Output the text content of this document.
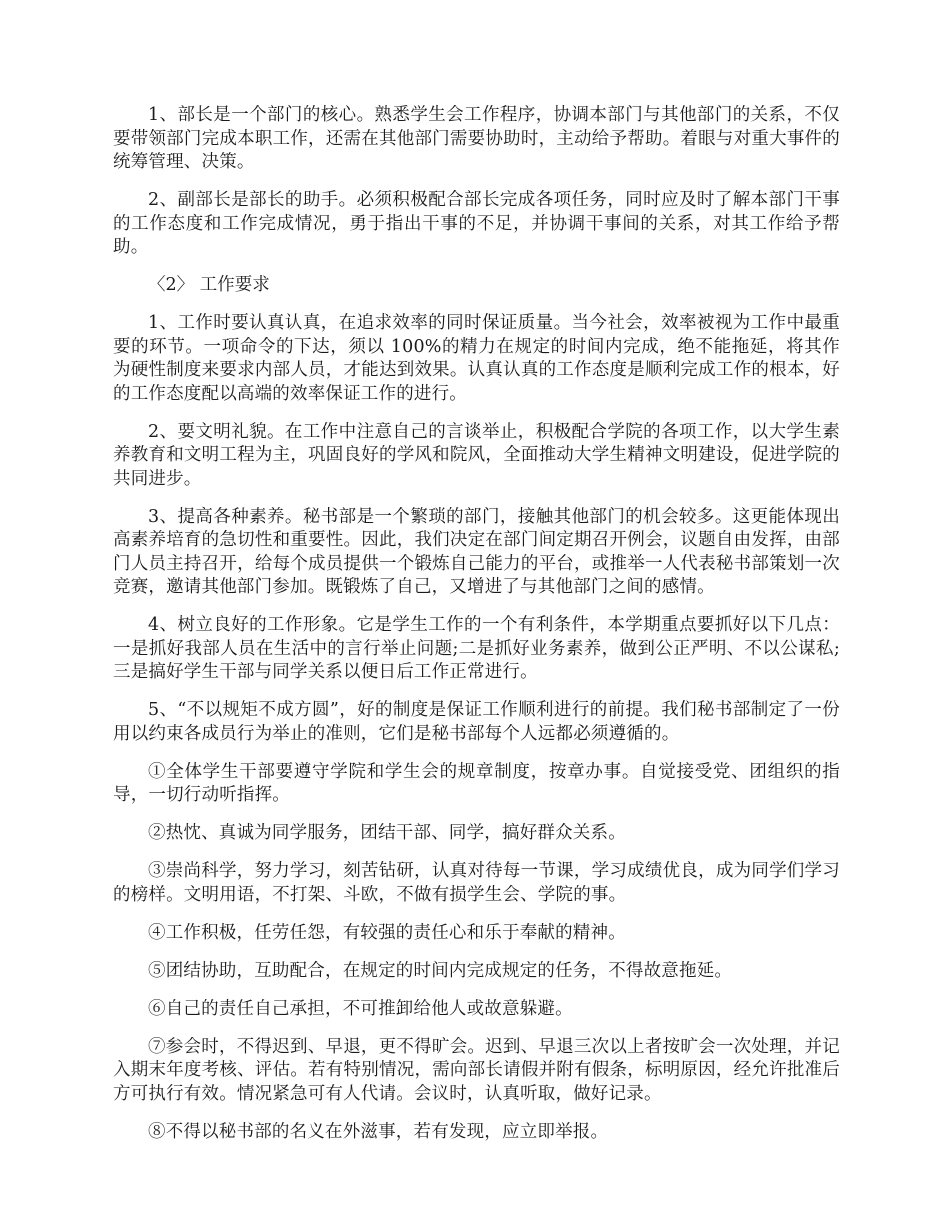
1、部长是一个部门的核心。熟悉学生会工作程序，协调本部门与其他部门的关系，不仅要带领部门完成本职工作，还需在其他部门需要协助时，主动给予帮助。着眼与对重大事件的统筹管理、决策。

2、副部长是部长的助手。必须积极配合部长完成各项任务，同时应及时了解本部门干事的工作态度和工作完成情况，勇于指出干事的不足，并协调干事间的关系，对其工作给予帮助。

〈2〉 工作要求

1、工作时要认真认真，在追求效率的同时保证质量。当今社会，效率被视为工作中最重要的环节。一项命令的下达，须以 100%的精力在规定的时间内完成，绝不能拖延，将其作为硬性制度来要求内部人员，才能达到效果。认真认真的工作态度是顺利完成工作的根本，好的工作态度配以高端的效率保证工作的进行。

2、要文明礼貌。在工作中注意自己的言谈举止，积极配合学院的各项工作，以大学生素养教育和文明工程为主，巩固良好的学风和院风，全面推动大学生精神文明建设，促进学院的共同进步。

3、提高各种素养。秘书部是一个繁琐的部门，接触其他部门的机会较多。这更能体现出高素养培育的急切性和重要性。因此，我们决定在部门间定期召开例会，议题自由发挥，由部门人员主持召开，给每个成员提供一个锻炼自己能力的平台，或推举一人代表秘书部策划一次竞赛，邀请其他部门参加。既锻炼了自己，又增进了与其他部门之间的感情。

4、树立良好的工作形象。它是学生工作的一个有利条件，本学期重点要抓好以下几点：一是抓好我部人员在生活中的言行举止问题;二是抓好业务素养，做到公正严明、不以公谋私;三是搞好学生干部与同学关系以便日后工作正常进行。

5、“不以规矩不成方圆”，好的制度是保证工作顺利进行的前提。我们秘书部制定了一份用以约束各成员行为举止的准则，它们是秘书部每个人远都必须遵循的。

①全体学生干部要遵守学院和学生会的规章制度，按章办事。自觉接受党、团组织的指导，一切行动听指挥。

②热忱、真诚为同学服务，团结干部、同学，搞好群众关系。

③崇尚科学，努力学习，刻苦钻研，认真对待每一节课，学习成绩优良，成为同学们学习的榜样。文明用语，不打架、斗欧，不做有损学生会、学院的事。

④工作积极，任劳任怨，有较强的责任心和乐于奉献的精神。

⑤团结协助，互助配合，在规定的时间内完成规定的任务，不得故意拖延。

⑥自己的责任自己承担，不可推卸给他人或故意躲避。

⑦参会时，不得迟到、早退，更不得旷会。迟到、早退三次以上者按旷会一次处理，并记入期末年度考核、评估。若有特别情况，需向部长请假并附有假条，标明原因，经允许批准后方可执行有效。情况紧急可有人代请。会议时，认真听取，做好记录。

⑧不得以秘书部的名义在外滋事，若有发现，应立即举报。
